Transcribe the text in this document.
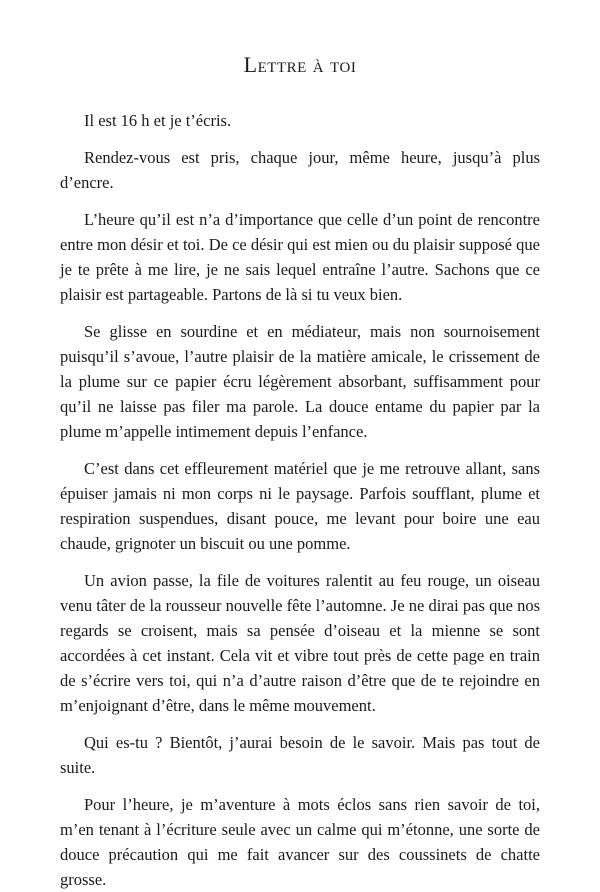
Lettre à toi

Il est 16 h et je t’écris.

Rendez-vous est pris, chaque jour, même heure, jusqu’à plus d’encre.

L’heure qu’il est n’a d’importance que celle d’un point de rencontre entre mon désir et toi. De ce désir qui est mien ou du plaisir supposé que je te prête à me lire, je ne sais lequel entraîne l’autre. Sachons que ce plaisir est partageable. Partons de là si tu veux bien.

Se glisse en sourdine et en médiateur, mais non sournoisement puisqu’il s’avoue, l’autre plaisir de la matière amicale, le crissement de la plume sur ce papier écru légèrement absorbant, suffisamment pour qu’il ne laisse pas filer ma parole. La douce entame du papier par la plume m’appelle intimement depuis l’enfance.

C’est dans cet effleurement matériel que je me retrouve allant, sans épuiser jamais ni mon corps ni le paysage. Parfois soufflant, plume et respiration suspendues, disant pouce, me levant pour boire une eau chaude, grignoter un biscuit ou une pomme.

Un avion passe, la file de voitures ralentit au feu rouge, un oiseau venu tâter de la rousseur nouvelle fête l’automne. Je ne dirai pas que nos regards se croisent, mais sa pensée d’oiseau et la mienne se sont accordées à cet instant. Cela vit et vibre tout près de cette page en train de s’écrire vers toi, qui n’a d’autre raison d’être que de te rejoindre en m’enjoignant d’être, dans le même mouvement.

Qui es-tu ? Bientôt, j’aurai besoin de le savoir. Mais pas tout de suite.

Pour l’heure, je m’aventure à mots éclos sans rien savoir de toi, m’en tenant à l’écriture seule avec un calme qui m’étonne, une sorte de douce précaution qui me fait avancer sur des coussinets de chatte grosse.
